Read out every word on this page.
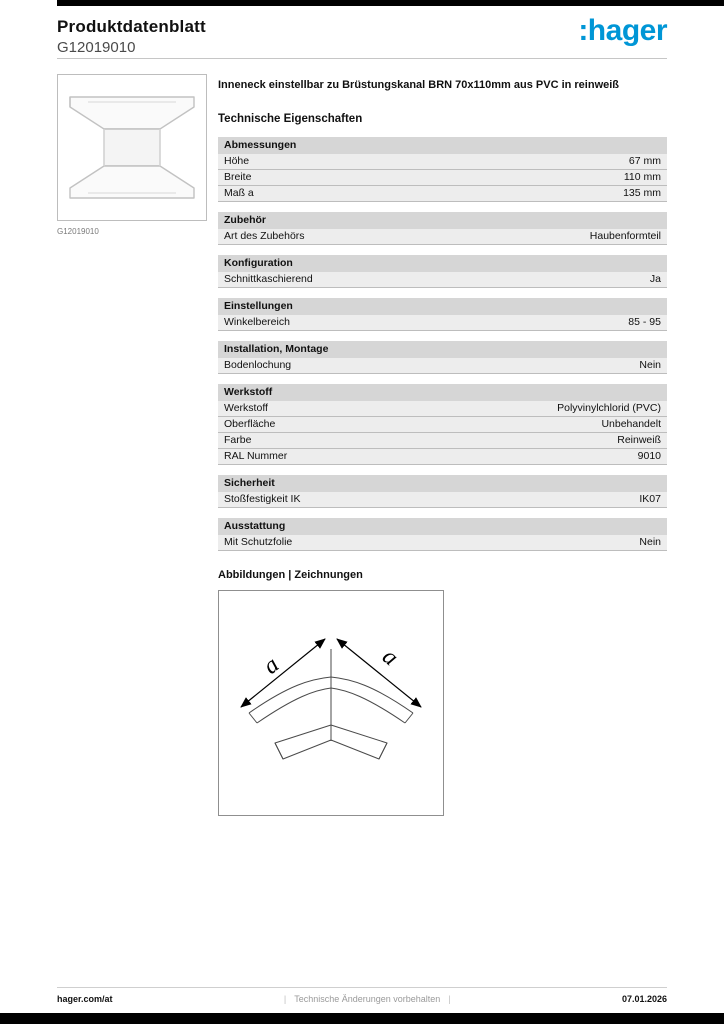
Produktdatenblatt
G12019010
:hager
G12019010
Inneneck einstellbar zu Brüstungskanal BRN 70x110mm aus PVC in reinweiß
Technische Eigenschaften
Abmessungen
Höhe	67 mm
Breite	110 mm
Maß a	135 mm
Zubehör
Art des Zubehörs	Haubenformteil
Konfiguration
Schnittkaschierend	Ja
Einstellungen
Winkelbereich	85 - 95
Installation, Montage
Bodenlochung	Nein
Werkstoff
Werkstoff	Polyvinylchlorid (PVC)
Oberfläche	Unbehandelt
Farbe	Reinweiß
RAL Nummer	9010
Sicherheit
Stoßfestigkeit IK	IK07
Ausstattung
Mit Schutzfolie	Nein
Abbildungen | Zeichnungen
a	a
hager.com/at	| Technische Änderungen vorbehalten |	07.01.2026
